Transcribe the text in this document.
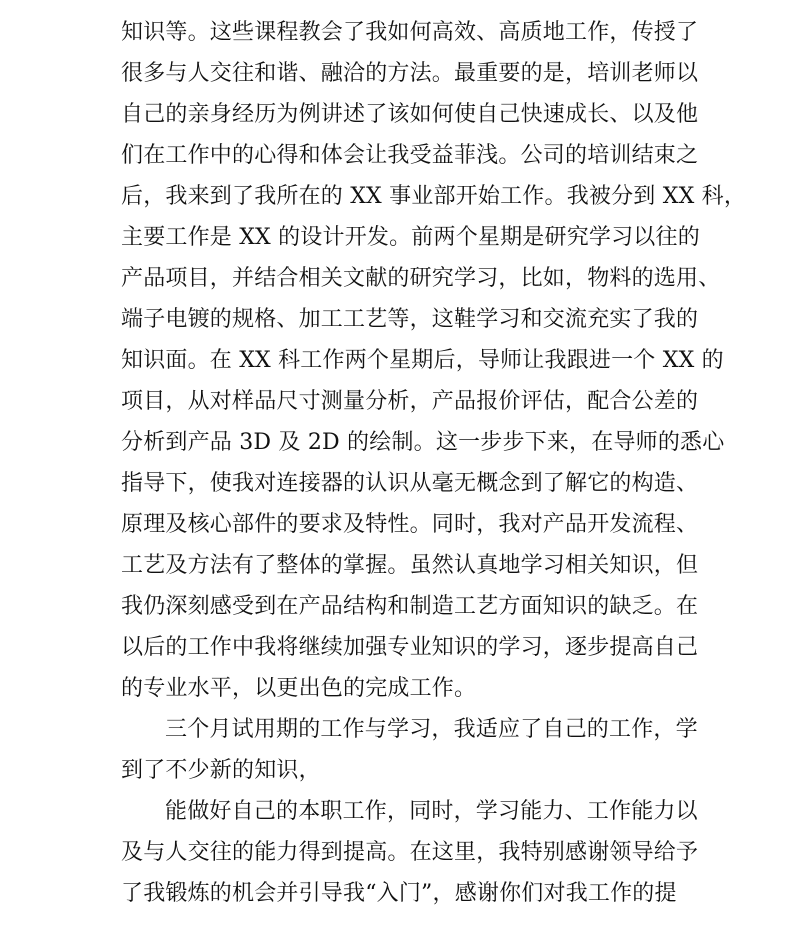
知识等。这些课程教会了我如何高效、高质地工作，传授了
很多与人交往和谐、融洽的方法。最重要的是，培训老师以
自己的亲身经历为例讲述了该如何使自己快速成长、以及他
们在工作中的心得和体会让我受益菲浅。公司的培训结束之
后，我来到了我所在的 XX 事业部开始工作。我被分到 XX 科，
主要工作是 XX 的设计开发。前两个星期是研究学习以往的
产品项目，并结合相关文献的研究学习，比如，物料的选用、
端子电镀的规格、加工工艺等，这鞋学习和交流充实了我的
知识面。在 XX 科工作两个星期后，导师让我跟进一个 XX 的
项目，从对样品尺寸测量分析，产品报价评估，配合公差的
分析到产品 3D 及 2D 的绘制。这一步步下来，在导师的悉心
指导下，使我对连接器的认识从毫无概念到了解它的构造、
原理及核心部件的要求及特性。同时，我对产品开发流程、
工艺及方法有了整体的掌握。虽然认真地学习相关知识，但
我仍深刻感受到在产品结构和制造工艺方面知识的缺乏。在
以后的工作中我将继续加强专业知识的学习，逐步提高自己
的专业水平，以更出色的完成工作。
三个月试用期的工作与学习，我适应了自己的工作，学
到了不少新的知识，
能做好自己的本职工作，同时，学习能力、工作能力以
及与人交往的能力得到提高。在这里，我特别感谢领导给予
了我锻炼的机会并引导我“入门”，感谢你们对我工作的提
